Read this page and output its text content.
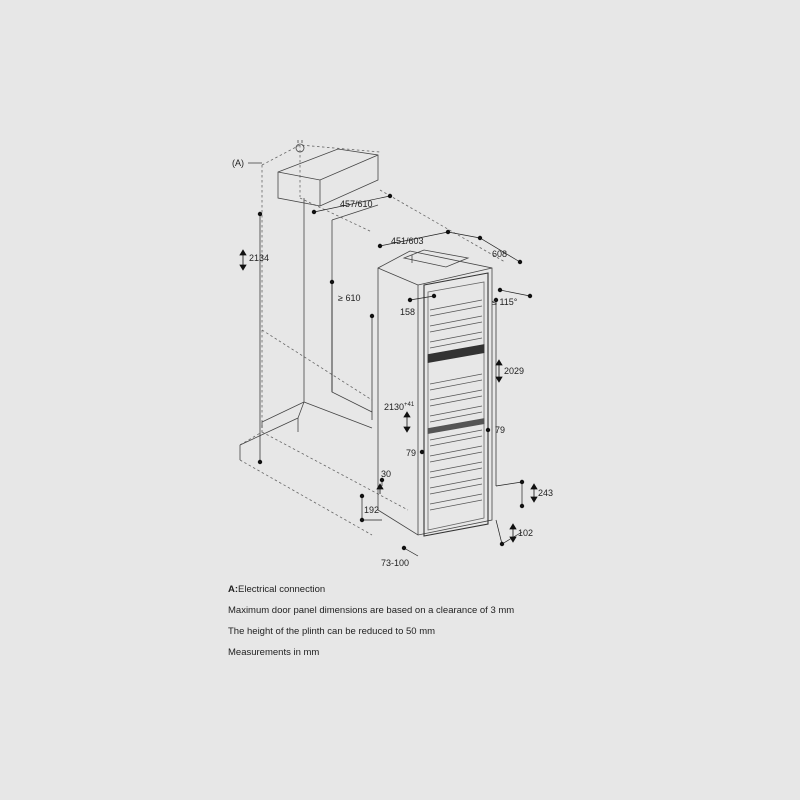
(A)
457/610
451/603
608
2134
≥ 610	≤ 115°
158
2029
$2130^{+41}$
79
79
30
192
243
102
73-100

A:Electrical connection

Maximum door panel dimensions are based on a clearance of 3 mm

The height of the plinth can be reduced to 50 mm

Measurements in mm
